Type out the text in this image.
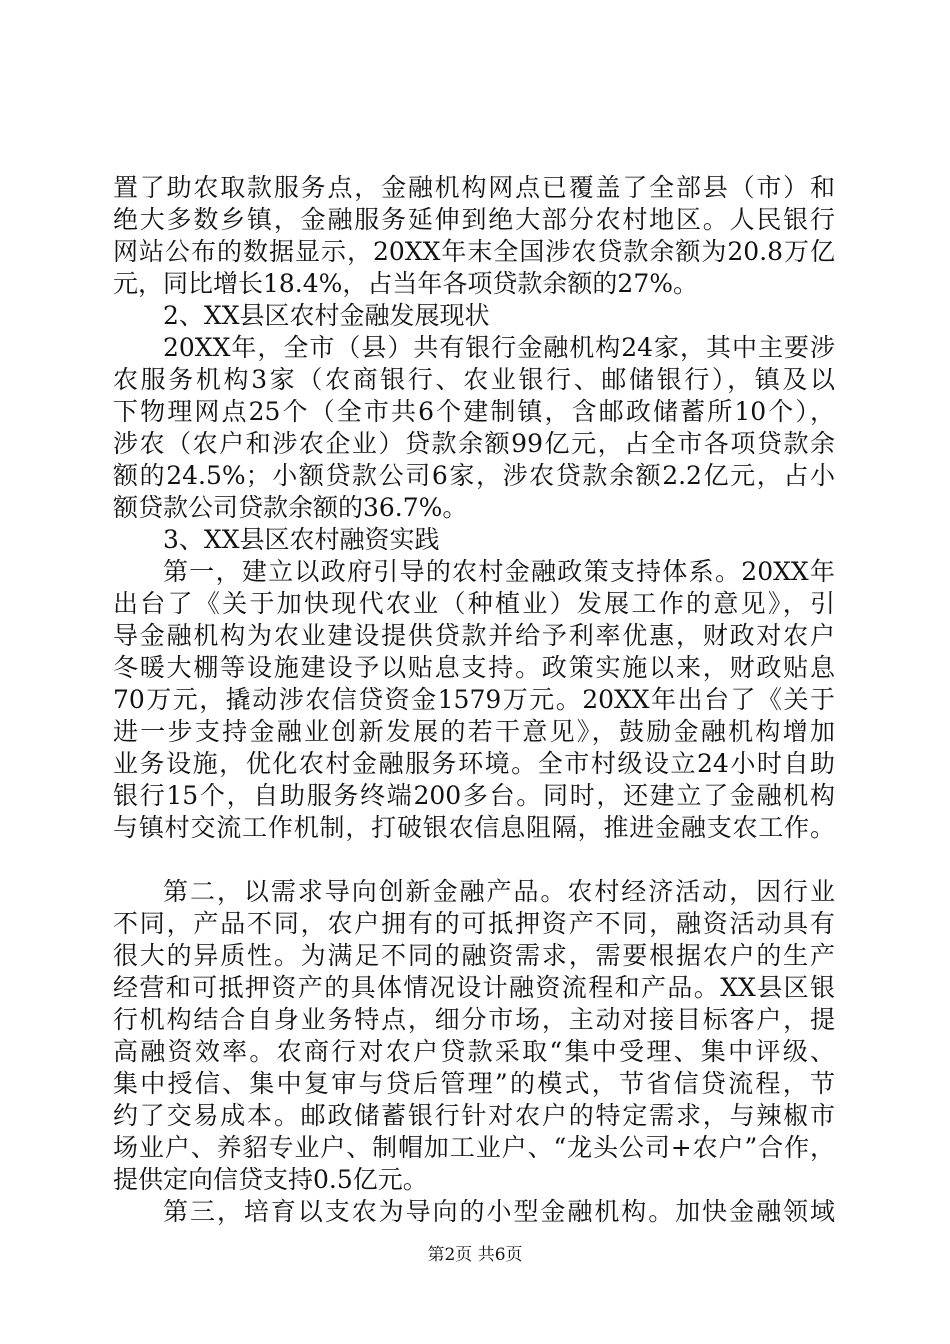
置了助农取款服务点，金融机构网点已覆盖了全部县（市）和
绝大多数乡镇，金融服务延伸到绝大部分农村地区。人民银行
网站公布的数据显示，20XX年末全国涉农贷款余额为20.8万亿
元，同比增长18.4%，占当年各项贷款余额的27%。
2、XX县区农村金融发展现状
20XX年，全市（县）共有银行金融机构24家，其中主要涉
农服务机构3家（农商银行、农业银行、邮储银行），镇及以
下物理网点25个（全市共6个建制镇，含邮政储蓄所10个），
涉农（农户和涉农企业）贷款余额99亿元，占全市各项贷款余
额的24.5%；小额贷款公司6家，涉农贷款余额2.2亿元，占小
额贷款公司贷款余额的36.7%。
3、XX县区农村融资实践
第一，建立以政府引导的农村金融政策支持体系。20XX年
出台了《关于加快现代农业（种植业）发展工作的意见》，引
导金融机构为农业建设提供贷款并给予利率优惠，财政对农户
冬暖大棚等设施建设予以贴息支持。政策实施以来，财政贴息
70万元，撬动涉农信贷资金1579万元。20XX年出台了《关于
进一步支持金融业创新发展的若干意见》，鼓励金融机构增加
业务设施，优化农村金融服务环境。全市村级设立24小时自助
银行15个，自助服务终端200多台。同时，还建立了金融机构
与镇村交流工作机制，打破银农信息阻隔，推进金融支农工作。
第二，以需求导向创新金融产品。农村经济活动，因行业
不同，产品不同，农户拥有的可抵押资产不同，融资活动具有
很大的异质性。为满足不同的融资需求，需要根据农户的生产
经营和可抵押资产的具体情况设计融资流程和产品。XX县区银
行机构结合自身业务特点，细分市场，主动对接目标客户，提
高融资效率。农商行对农户贷款采取“集中受理、集中评级、
集中授信、集中复审与贷后管理”的模式，节省信贷流程，节
约了交易成本。邮政储蓄银行针对农户的特定需求，与辣椒市
场业户、养貂专业户、制帽加工业户、“龙头公司+农户”合作，
提供定向信贷支持0.5亿元。
第三，培育以支农为导向的小型金融机构。加快金融领域
第2页 共6页
